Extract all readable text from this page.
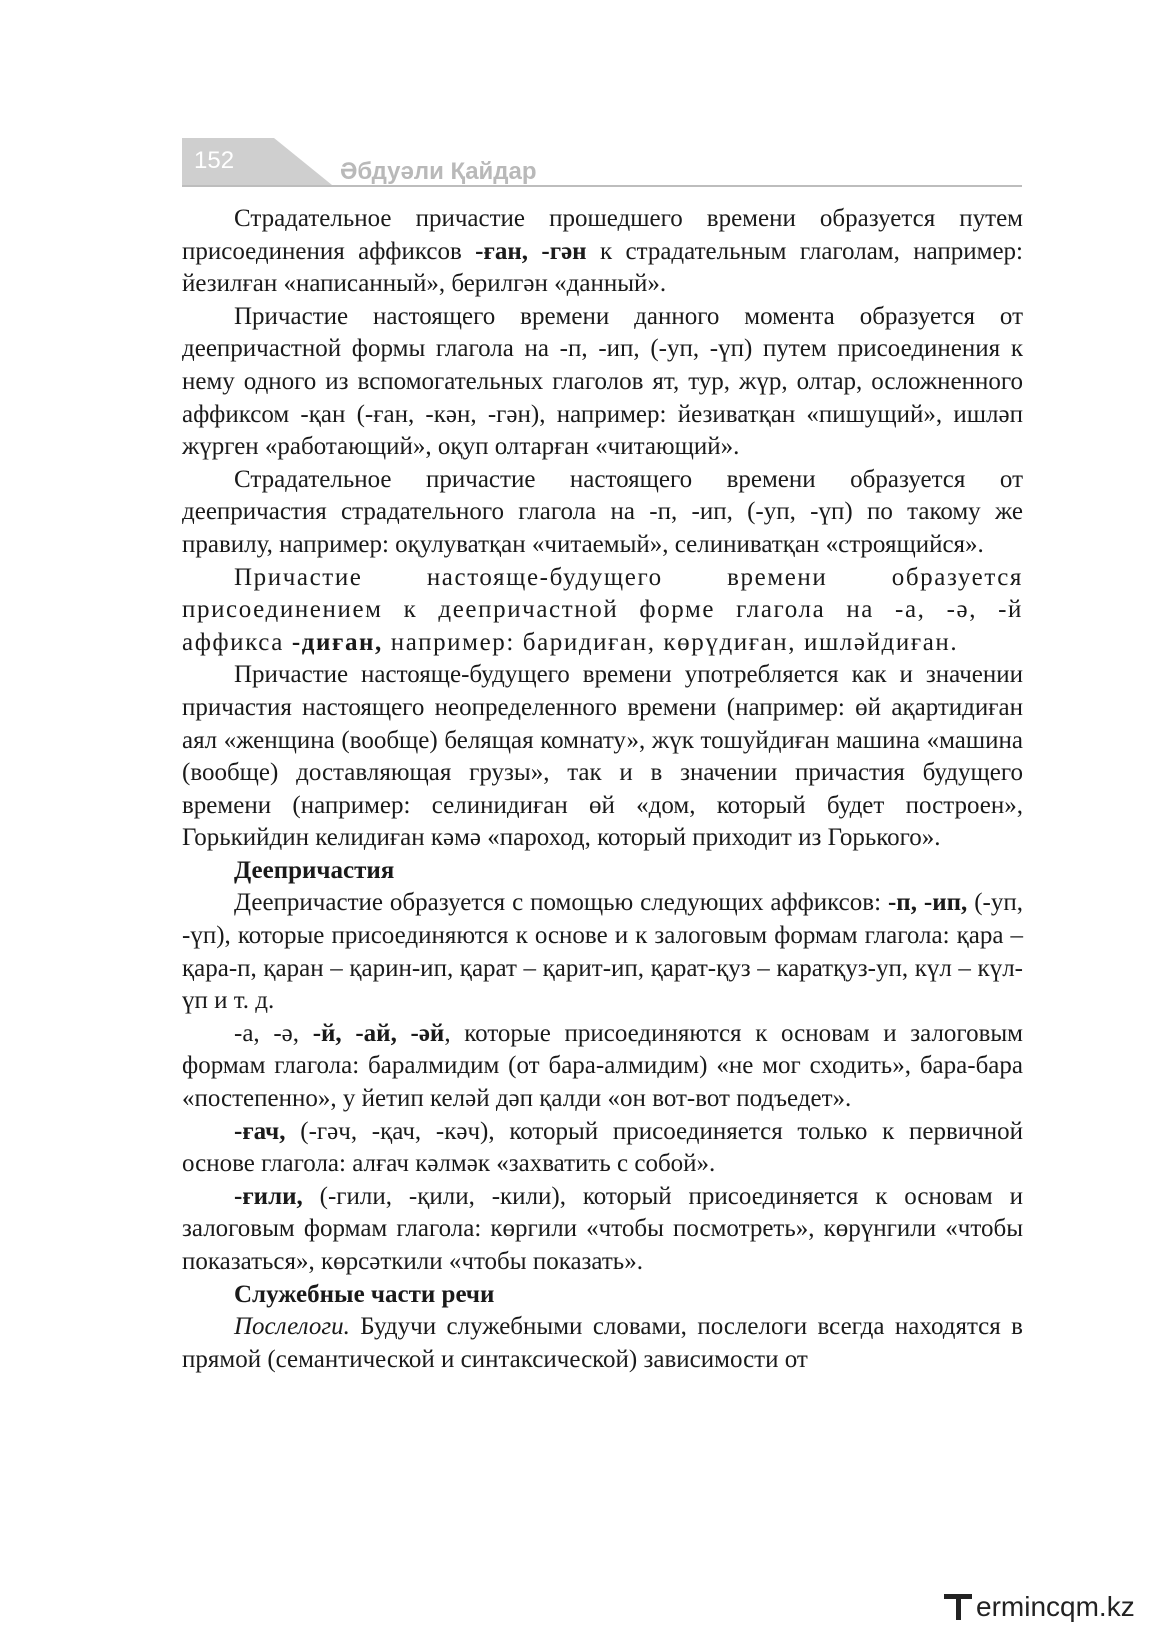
152	Әбдуәли Қайдар

Страдательное причастие прошедшего времени образуется путем присоединения аффиксов -ған, -гән к страдательным глаголам, например: йезилған «написанный», берилгән «данный».

Причастие настоящего времени данного момента образуется от деепричастной формы глагола на -п, -ип, (-уп, -үп) путем присоединения к нему одного из вспомогательных глаголов ят, тур, жүр, олтар, осложненного аффиксом -қан (-ған, -кән, -гән), например: йезиватқан «пишущий», ишләп жүрген «работающий», оқуп олтарған «читающий».

Страдательное причастие настоящего времени образуется от деепричастия страдательного глагола на -п, -ип, (-уп, -үп) по такому же правилу, например: оқулуватқан «читаемый», селиниватқан «строящийся».

Причастие настояще-будущего времени образуется присоединением к деепричастной форме глагола на -а, -ә, -й аффикса -диған, например: баридиған, көрүдиған, ишләйдиған.

Причастие настояще-будущего времени употребляется как и значении причастия настоящего неопределенного времени (например: өй ақартидиған аял «женщина (вообще) белящая комнату», жүк тошуйдиған машина «машина (вообще) доставляющая грузы», так и в значении причастия будущего времени (например: селинидиған өй «дом, который будет построен», Горькийдин келидиған кәмә «пароход, который приходит из Горького».

Деепричастия

Деепричастие образуется с помощью следующих аффиксов: -п, -ип, (-уп, -үп), которые присоединяются к основе и к залоговым формам глагола: қара – қара-п, қаран – қарин-ип, қарат – қарит-ип, қарат-қуз – каратқуз-уп, күл – күл-үп и т. д.

-а, -ә, -й, -ай, -әй, которые присоединяются к основам и залоговым формам глагола: баралмидим (от бара-алмидим) «не мог сходить», бара-бара «постепенно», у йетип келәй дәп қалди «он вот-вот подъедет».

-ғач, (-гәч, -қач, -кәч), который присоединяется только к первичной основе глагола: алғач кәлмәк «захватить с собой».

-ғили, (-гили, -қили, -кили), который присоединяется к основам и залоговым формам глагола: көргили «чтобы посмотреть», көрүнгили «чтобы показаться», көрсәткили «чтобы показать».

Служебные части речи

Послелоги. Будучи служебными словами, послелоги всегда находятся в прямой (семантической и синтаксической) зависимости от

ermincqm.kz
